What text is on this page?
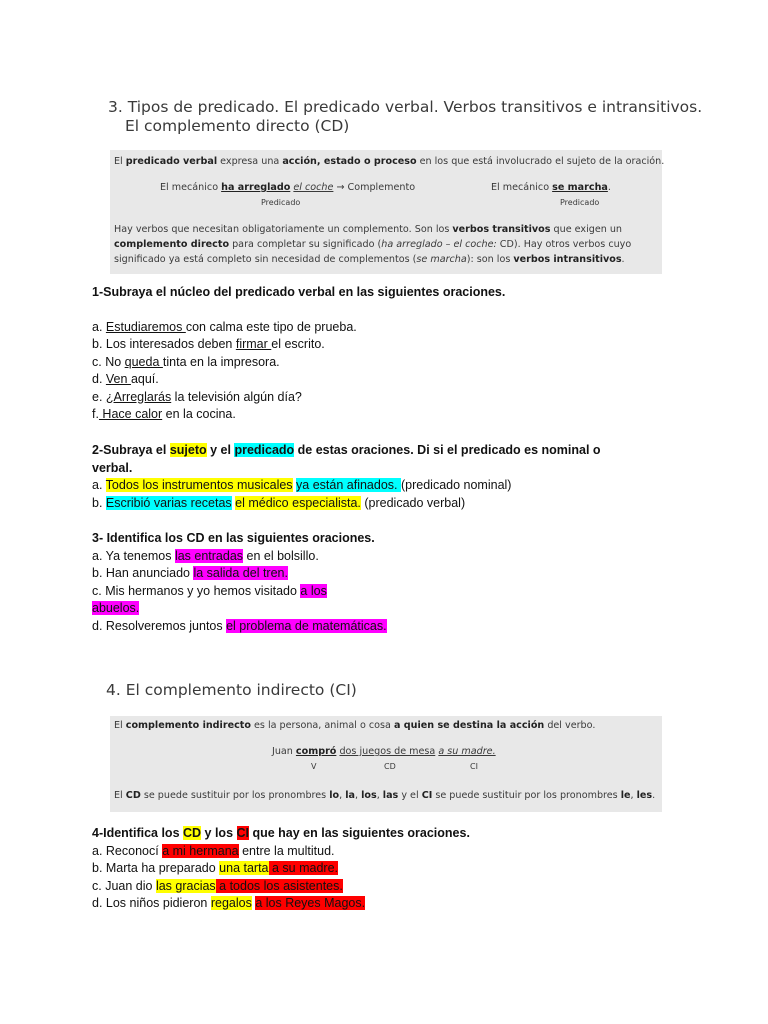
3. Tipos de predicado. El predicado verbal. Verbos transitivos e intransitivos.
El complemento directo (CD)
El predicado verbal expresa una acción, estado o proceso en los que está involucrado el sujeto de la oración.
El mecánico ha arreglado el coche → Complemento
Predicado
El mecánico se marcha.
Predicado
Hay verbos que necesitan obligatoriamente un complemento. Son los verbos transitivos que exigen un
complemento directo para completar su significado (ha arreglado – el coche: CD). Hay otros verbos cuyo
significado ya está completo sin necesidad de complementos (se marcha): son los verbos intransitivos.
1-Subraya el núcleo del predicado verbal en las siguientes oraciones.
a. Estudiaremos con calma este tipo de prueba.
b. Los interesados deben firmar el escrito.
c. No queda tinta en la impresora.
d. Ven aquí.
e. ¿Arreglarás la televisión algún día?
f. Hace calor en la cocina.
2-Subraya el sujeto y el predicado de estas oraciones. Di si el predicado es nominal o
verbal.
a. Todos los instrumentos musicales ya están afinados. (predicado nominal)
b. Escribió varias recetas el médico especialista. (predicado verbal)
3- Identifica los CD en las siguientes oraciones.
a. Ya tenemos las entradas en el bolsillo.
b. Han anunciado la salida del tren.
c. Mis hermanos y yo hemos visitado a los
abuelos.
d. Resolveremos juntos el problema de matemáticas.
4. El complemento indirecto (CI)
El complemento indirecto es la persona, animal o cosa a quien se destina la acción del verbo.
Juan compró dos juegos de mesa a su madre.
V	CD	CI
El CD se puede sustituir por los pronombres lo, la, los, las y el CI se puede sustituir por los pronombres le, les.
4-Identifica los CD y los CI que hay en las siguientes oraciones.
a. Reconocí a mi hermana entre la multitud.
b. Marta ha preparado una tarta a su madre.
c. Juan dio las gracias a todos los asistentes.
d. Los niños pidieron regalos a los Reyes Magos.
